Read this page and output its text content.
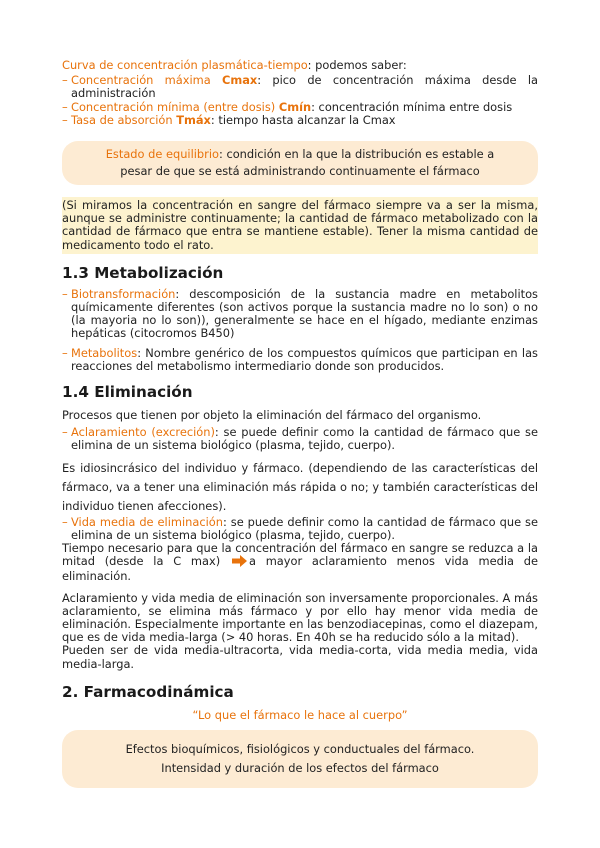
Curva de concentración plasmática-tiempo: podemos saber:

– Concentración máxima Cmax: pico de concentración máxima desde la administración
– Concentración mínima (entre dosis) Cmín: concentración mínima entre dosis
– Tasa de absorción Tmáx: tiempo hasta alcanzar la Cmax
Estado de equilibrio: condición en la que la distribución es estable a pesar de que se está administrando continuamente el fármaco

(Si miramos la concentración en sangre del fármaco siempre va a ser la misma, aunque se administre continuamente; la cantidad de fármaco metabolizado con la cantidad de fármaco que entra se mantiene estable). Tener la misma cantidad de medicamento todo el rato.

1.3 Metabolización
– Biotransformación: descomposición de la sustancia madre en metabolitos químicamente diferentes (son activos porque la sustancia madre no lo son) o no (la mayoria no lo son)), generalmente se hace en el hígado, mediante enzimas hepáticas (citocromos B450)
– Metabolitos: Nombre genérico de los compuestos químicos que participan en las reacciones del metabolismo intermediario donde son producidos.
1.4 Eliminación

Procesos que tienen por objeto la eliminación del fármaco del organismo.

– Aclaramiento (excreción): se puede definir como la cantidad de fármaco que se elimina de un sistema biológico (plasma, tejido, cuerpo).

Es idiosincrásico del individuo y fármaco. (dependiendo de las características del fármaco, va a tener una eliminación más rápida o no; y también características del individuo tienen afecciones).

– Vida media de eliminación: se puede definir como la cantidad de fármaco que se elimina de un sistema biológico (plasma, tejido, cuerpo).

Tiempo necesario para que la concentración del fármaco en sangre se reduzca a la mitad (desde la C max)	a mayor aclaramiento menos vida media de eliminación.

Aclaramiento y vida media de eliminación son inversamente proporcionales. A más aclaramiento, se elimina más fármaco y por ello hay menor vida media de eliminación. Especialmente importante en las benzodiacepinas, como el diazepam, que es de vida media-larga (> 40 horas. En 40h se ha reducido sólo a la mitad).

Pueden ser de vida media-ultracorta, vida media-corta, vida media media, vida media-larga.

2. Farmacodinámica

“Lo que el fármaco le hace al cuerpo”

Efectos bioquímicos, fisiológicos y conductuales del fármaco.
Intensidad y duración de los efectos del fármaco
